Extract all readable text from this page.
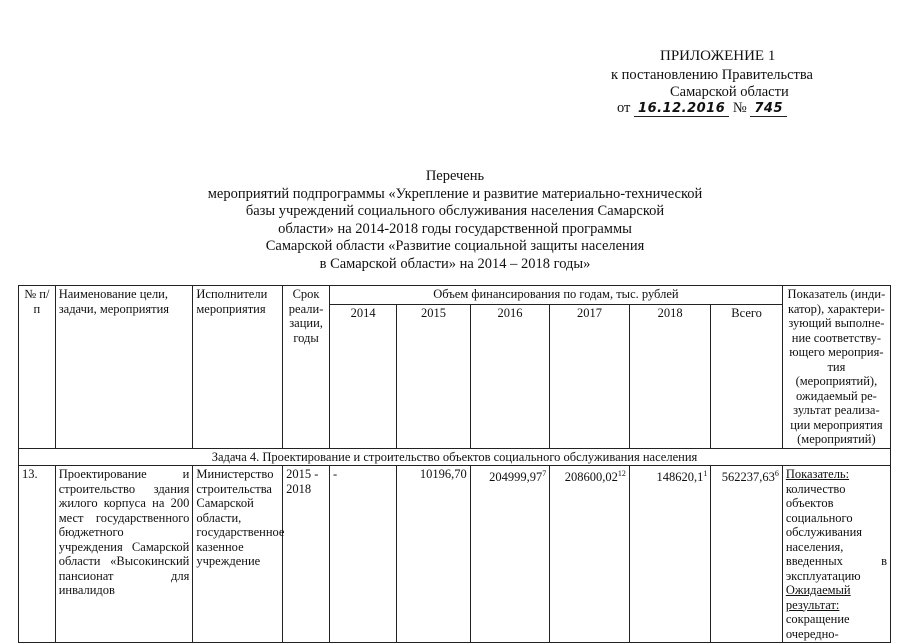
ПРИЛОЖЕНИЕ 1
к постановлению Правительства
Самарской области
от 16.12.2016 № 745
Перечень
мероприятий подпрограммы «Укрепление и развитие материально-технической
базы учреждений социального обслуживания населения Самарской
области» на 2014-2018 годы государственной программы
Самарской области «Развитие социальной защиты населения
в Самарской области» на 2014 – 2018 годы»
№ п/п	Наименование цели, задачи, мероприятия	Исполнители мероприятия	Срок реали-зации, годы	Объем финансирования по годам, тыс. рублей						Показатель (инди-катор), характери-зующий выполне-ние соответству-ющего мероприя-тия (мероприятий), ожидаемый ре-зультат реализа-ции мероприятия (мероприятий)
				2014	2015	2016	2017	2018	Всего	
Задача 4. Проектирование и строительство объектов социального обслуживания населения										
13.	Проектирование и строительство здания жилого корпуса на 200 мест государственного бюджетного учреждения Самарской области «Высокинский пансионат для инвалидов	Министерство строительства Самарской области, государственное казенное учреждение	2015 - 2018	-	10196,70	204999,97$^7$	208600,02$^{12}$	148620,1$^1$	562237,63$^6$	Показатель: количество объектов социального обслуживания населения, введенных в эксплуатацию
Ожидаемый результат: сокращение очередно-
